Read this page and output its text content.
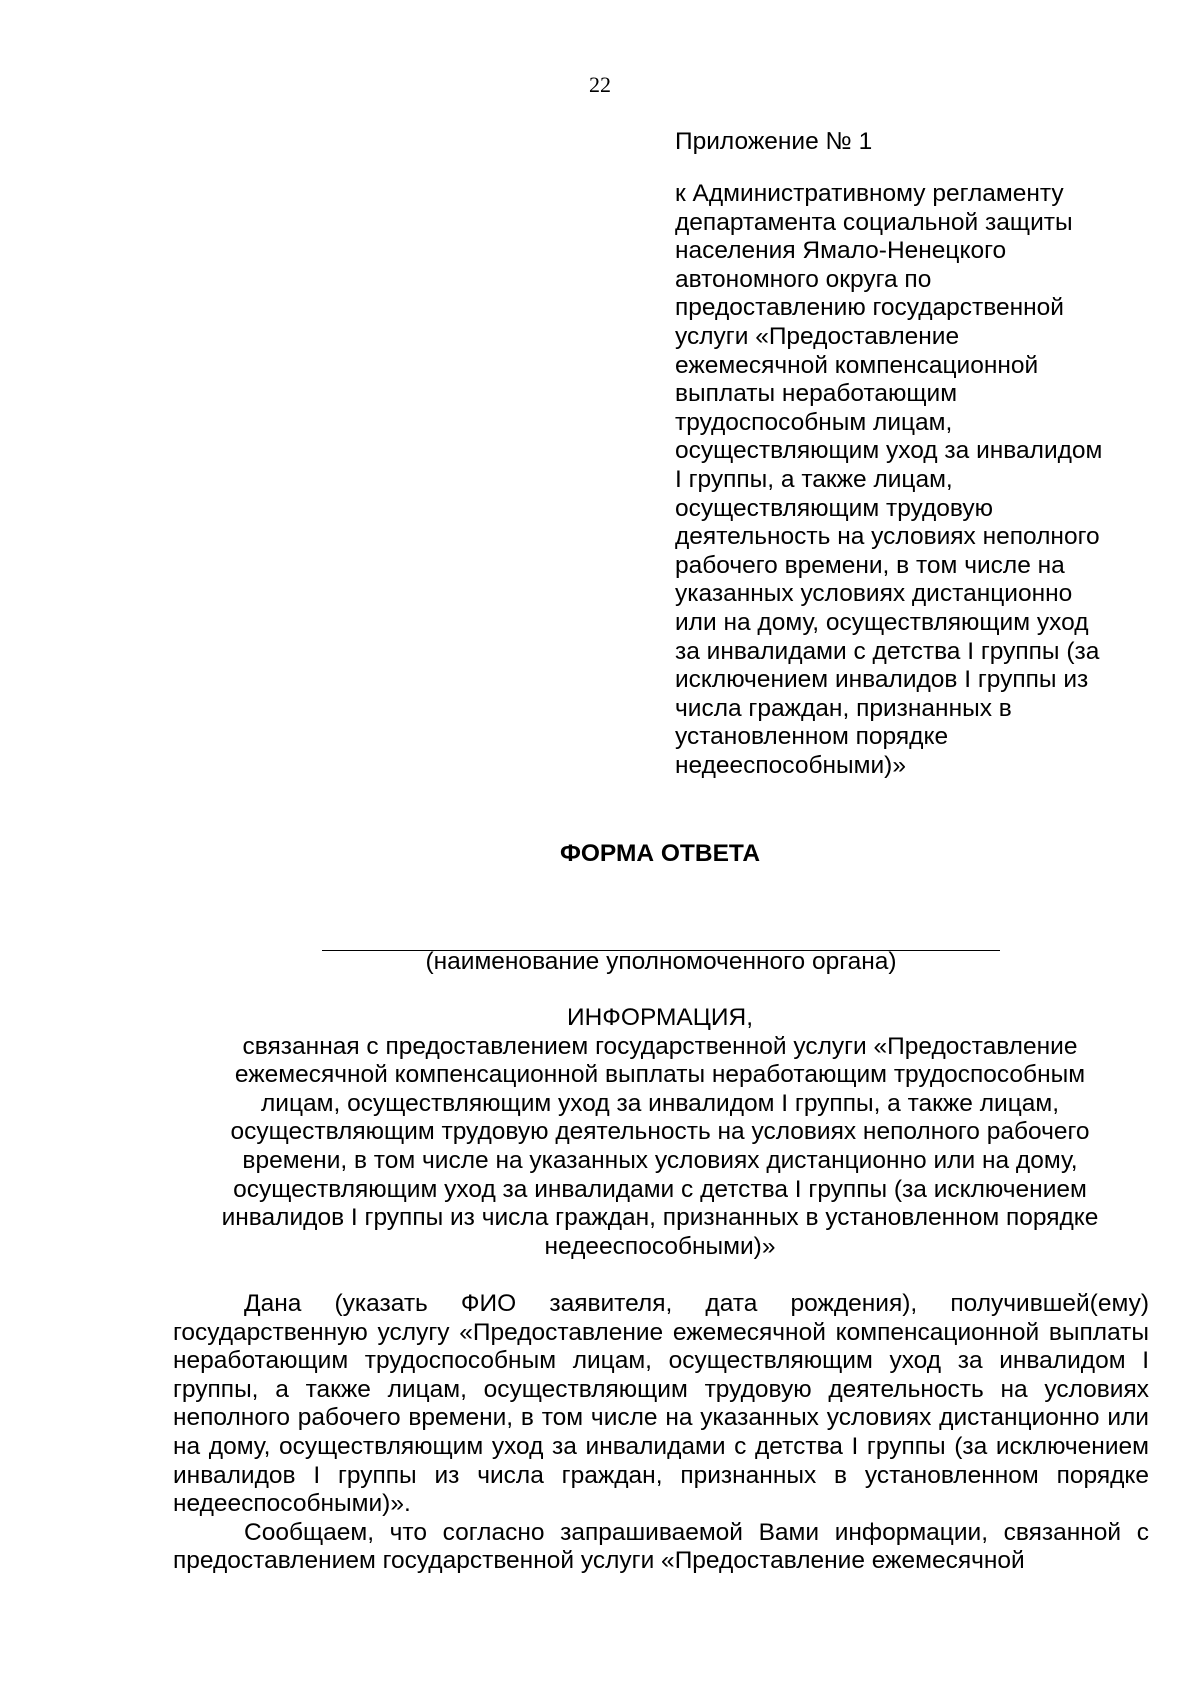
22
Приложение № 1
к Административному регламенту
департамента социальной защиты
населения Ямало-Ненецкого
автономного округа по
предоставлению государственной
услуги «Предоставление
ежемесячной компенсационной
выплаты неработающим
трудоспособным лицам,
осуществляющим уход за инвалидом
I группы, а также лицам,
осуществляющим трудовую
деятельность на условиях неполного
рабочего времени, в том числе на
указанных условиях дистанционно
или на дому, осуществляющим уход
за инвалидами с детства I группы (за
исключением инвалидов I группы из
числа граждан, признанных в
установленном порядке
недееспособными)»
ФОРМА ОТВЕТА
(наименование уполномоченного органа)
ИНФОРМАЦИЯ,
связанная с предоставлением государственной услуги «Предоставление
ежемесячной компенсационной выплаты неработающим трудоспособным
лицам, осуществляющим уход за инвалидом I группы, а также лицам,
осуществляющим трудовую деятельность на условиях неполного рабочего
времени, в том числе на указанных условиях дистанционно или на дому,
осуществляющим уход за инвалидами с детства I группы (за исключением
инвалидов I группы из числа граждан, признанных в установленном порядке
недееспособными)»

Дана (указать ФИО заявителя, дата рождения), получившей(ему) государственную услугу «Предоставление ежемесячной компенсационной выплаты неработающим трудоспособным лицам, осуществляющим уход за инвалидом I группы, а также лицам, осуществляющим трудовую деятельность на условиях неполного рабочего времени, в том числе на указанных условиях дистанционно или на дому, осуществляющим уход за инвалидами с детства I группы (за исключением инвалидов I группы из числа граждан, признанных в установленном порядке недееспособными)».

Сообщаем, что согласно запрашиваемой Вами информации, связанной с предоставлением государственной услуги «Предоставление ежемесячной
